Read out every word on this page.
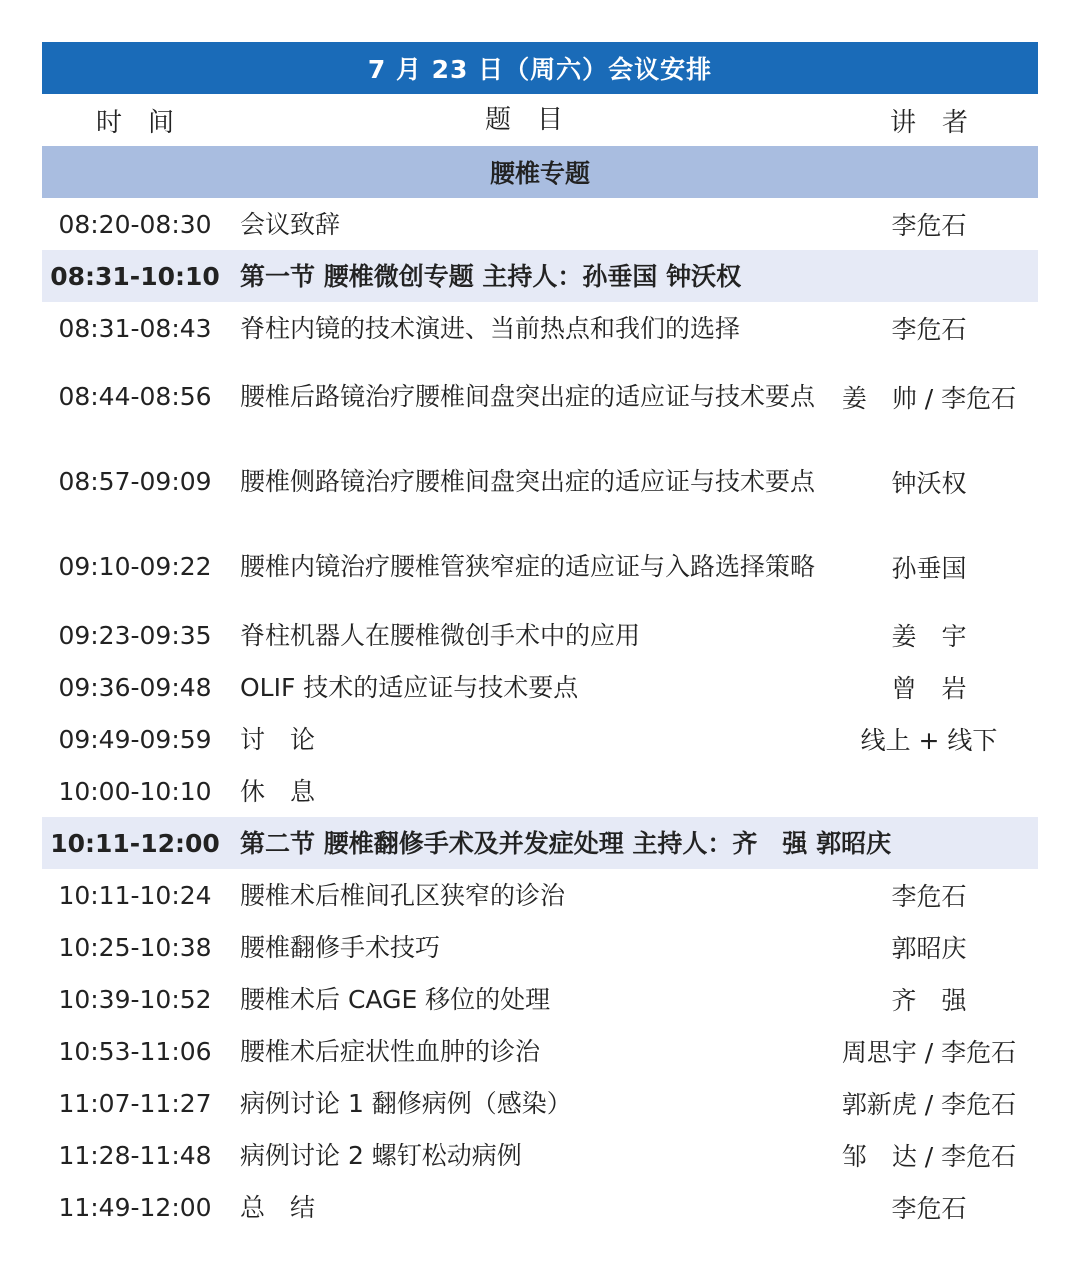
7 月 23 日（周六）会议安排
时　间	题　目	讲　者
腰椎专题
08:20-08:30	会议致辞	李危石
08:31-10:10 第一节 腰椎微创专题 主持人：孙垂国 钟沃权
08:31-08:43	脊柱内镜的技术演进、当前热点和我们的选择	李危石
08:44-08:56	腰椎后路镜治疗腰椎间盘突出症的适应证与技术要点	姜　帅 / 李危石
08:57-09:09	腰椎侧路镜治疗腰椎间盘突出症的适应证与技术要点	钟沃权
09:10-09:22	腰椎内镜治疗腰椎管狭窄症的适应证与入路选择策略	孙垂国
09:23-09:35	脊柱机器人在腰椎微创手术中的应用	姜　宇
09:36-09:48	OLIF 技术的适应证与技术要点	曾　岩
09:49-09:59	讨　论	线上 + 线下
10:00-10:10	休　息
10:11-12:00 第二节 腰椎翻修手术及并发症处理 主持人：齐　强 郭昭庆
10:11-10:24	腰椎术后椎间孔区狭窄的诊治	李危石
10:25-10:38	腰椎翻修手术技巧	郭昭庆
10:39-10:52	腰椎术后 CAGE 移位的处理	齐　强
10:53-11:06	腰椎术后症状性血肿的诊治	周思宇 / 李危石
11:07-11:27	病例讨论 1 翻修病例（感染）	郭新虎 / 李危石
11:28-11:48	病例讨论 2 螺钉松动病例	邹　达 / 李危石
11:49-12:00	总　结	李危石
